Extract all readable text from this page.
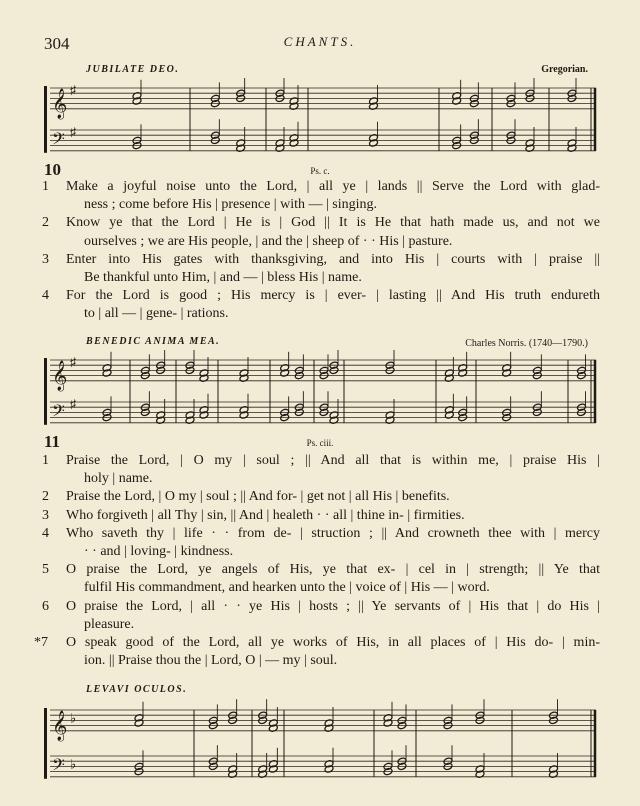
304	CHANTS.
JUBILATE DEO.	Gregorian.
𝄞 ♯
𝄢 ♯
10	Ps. c.
1	Make a joyful noise unto the Lord, | all ye | lands || Serve the Lord with glad-
ness ; come before His | presence | with — | singing.
2	Know ye that the Lord | He is | God || It is He that hath made us, and not we
ourselves ; we are His people, | and the | sheep of · · His | pasture.
3	Enter into His gates with thanksgiving, and into His | courts with | praise ||
Be thankful unto Him, | and — | bless His | name.
4	For the Lord is good ; His mercy is | ever- | lasting || And His truth endureth
to | all — | gene- | rations.
BENEDIC ANIMA MEA.	Charles Norris. (1740—1790.)
𝄞 ♯
𝄢 ♯
11	Ps. ciii.
1	Praise the Lord, | O my | soul ; || And all that is within me, | praise His |
holy | name.
2	Praise the Lord, | O my | soul ; || And for- | get not | all His | benefits.
3	Who forgiveth | all Thy | sin, || And | healeth · · all | thine in- | firmities.
4	Who saveth thy | life · · from de- | struction ; || And crowneth thee with | mercy
· · and | loving- | kindness.
5	O praise the Lord, ye angels of His, ye that ex- | cel in | strength; || Ye that
fulfil His commandment, and hearken unto the | voice of | His — | word.
6	O praise the Lord, | all · · ye His | hosts ; || Ye servants of | His that | do His |
pleasure.
*7	O speak good of the Lord, all ye works of His, in all places of | His do- | min-
ion. || Praise thou the | Lord, O | — my | soul.
LEVAVI OCULOS.
𝄞 ♭
𝄢 ♭
